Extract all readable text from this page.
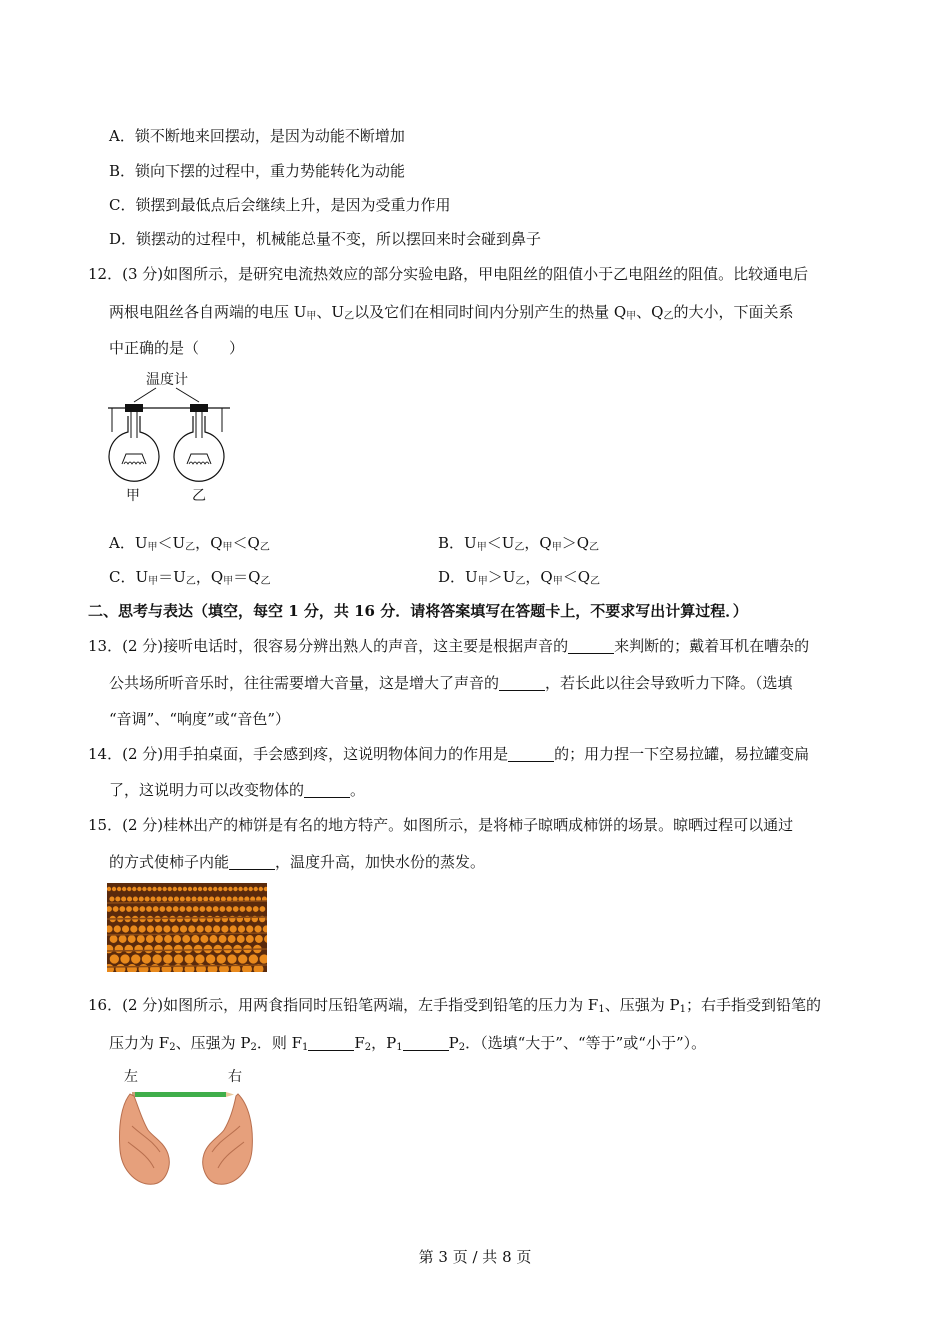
A．锁不断地来回摆动，是因为动能不断增加
B．锁向下摆的过程中，重力势能转化为动能
C．锁摆到最低点后会继续上升，是因为受重力作用
D．锁摆动的过程中，机械能总量不变，所以摆回来时会碰到鼻子
12．(3 分)如图所示，是研究电流热效应的部分实验电路，甲电阻丝的阻值小于乙电阻丝的阻值。比较通电后
两根电阻丝各自两端的电压 $U_甲$、$U_乙$以及它们在相同时间内分别产生的热量 $Q_甲$、$Q_乙$的大小，下面关系
中正确的是（　　）
温度计
甲	乙
A．$U_甲<U_乙$，$Q_甲<Q_乙$	B．$U_甲<U_乙$，$Q_甲>Q_乙$
C．$U_甲=U_乙$，$Q_甲=Q_乙$	D．$U_甲>U_乙$，$Q_甲<Q_乙$
二、思考与表达（填空，每空 1 分，共 16 分．请将答案填写在答题卡上，不要求写出计算过程．）
13．(2 分)接听电话时，很容易分辨出熟人的声音，这主要是根据声音的	来判断的；戴着耳机在嘈杂的
公共场所听音乐时，往往需要增大音量，这是增大了声音的	，若长此以往会导致听力下降。（选填
“音调”、“响度”或“音色”）
14．(2 分)用手拍桌面，手会感到疼，这说明物体间力的作用是	的；用力捏一下空易拉罐，易拉罐变扁
了，这说明力可以改变物体的	。
15．(2 分)桂林出产的柿饼是有名的地方特产。如图所示，是将柿子晾晒成柿饼的场景。晾晒过程可以通过
的方式使柿子内能	，温度升高，加快水份的蒸发。
16．(2 分)如图所示，用两食指同时压铅笔两端，左手指受到铅笔的压力为 $F_1$、压强为 $P_1$；右手指受到铅笔的
压力为 $F_2$、压强为 $P_2$．则 $F_1$	$F_2$，$P_1$	$P_2$．（选填“大于”、“等于”或“小于”）。
左	右
第 3 页 / 共 8 页
